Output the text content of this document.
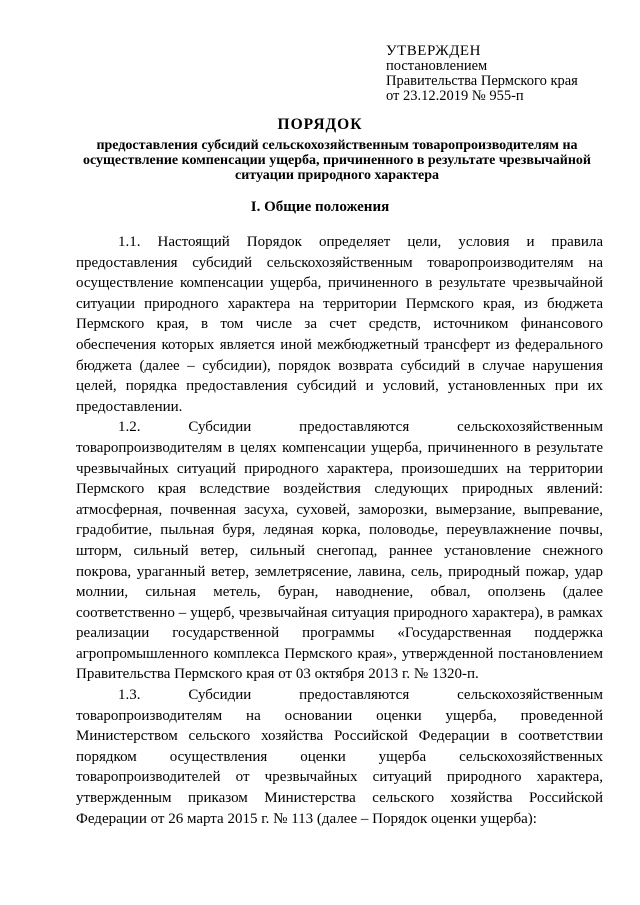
УТВЕРЖДЕН
постановлением
Правительства Пермского края
от 23.12.2019 № 955-п
ПОРЯДОК
предоставления субсидий сельскохозяйственным товаропроизводителям на осуществление компенсации ущерба, причиненного в результате чрезвычайной ситуации природного характера
I. Общие положения

1.1. Настоящий Порядок определяет цели, условия и правила предоставления субсидий сельскохозяйственным товаропроизводителям на осуществление компенсации ущерба, причиненного в результате чрезвычайной ситуации природного характера на территории Пермского края, из бюджета Пермского края, в том числе за счет средств, источником финансового обеспечения которых является иной межбюджетный трансферт из федерального бюджета (далее – субсидии), порядок возврата субсидий в случае нарушения целей, порядка предоставления субсидий и условий, установленных при их предоставлении.

1.2. Субсидии предоставляются сельскохозяйственным товаропроизводителям в целях компенсации ущерба, причиненного в результате чрезвычайных ситуаций природного характера, произошедших на территории Пермского края вследствие воздействия следующих природных явлений: атмосферная, почвенная засуха, суховей, заморозки, вымерзание, выпревание, градобитие, пыльная буря, ледяная корка, половодье, переувлажнение почвы, шторм, сильный ветер, сильный снегопад, раннее установление снежного покрова, ураганный ветер, землетрясение, лавина, сель, природный пожар, удар молнии, сильная метель, буран, наводнение, обвал, оползень (далее соответственно – ущерб, чрезвычайная ситуация природного характера), в рамках реализации государственной программы «Государственная поддержка агропромышленного комплекса Пермского края», утвержденной постановлением Правительства Пермского края от 03 октября 2013 г. № 1320-п.

1.3. Субсидии предоставляются сельскохозяйственным товаропроизводителям на основании оценки ущерба, проведенной Министерством сельского хозяйства Российской Федерации в соответствии порядком осуществления оценки ущерба сельскохозяйственных товаропроизводителей от чрезвычайных ситуаций природного характера, утвержденным приказом Министерства сельского хозяйства Российской Федерации от 26 марта 2015 г. № 113 (далее – Порядок оценки ущерба):
